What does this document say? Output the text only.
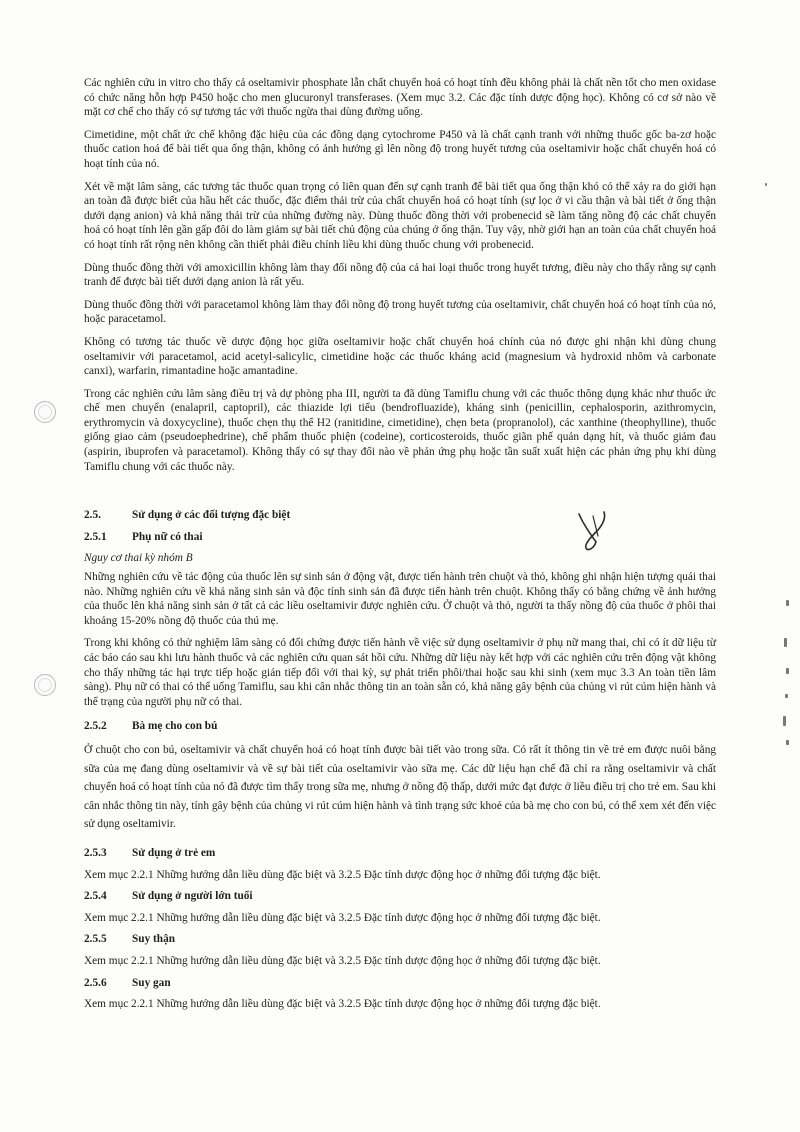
Các nghiên cứu in vitro cho thấy cả oseltamivir phosphate lẫn chất chuyển hoá có hoạt tính đều không phải là chất nền tốt cho men oxidase có chức năng hỗn hợp P450 hoặc cho men glucuronyl transferases. (Xem mục 3.2. Các đặc tính dược động học). Không có cơ sở nào về mặt cơ chế cho thấy có sự tương tác với thuốc ngừa thai dùng đường uống.

Cimetidine, một chất ức chế không đặc hiệu của các đồng dạng cytochrome P450 và là chất cạnh tranh với những thuốc gốc ba-zơ hoặc thuốc cation hoá để bài tiết qua ống thận, không có ảnh hưởng gì lên nồng độ trong huyết tương của oseltamivir hoặc chất chuyển hoá có hoạt tính của nó.

Xét về mặt lâm sàng, các tương tác thuốc quan trọng có liên quan đến sự cạnh tranh để bài tiết qua ống thận khó có thể xảy ra do giới hạn an toàn đã được biết của hầu hết các thuốc, đặc điểm thải trừ của chất chuyển hoá có hoạt tính (sự lọc ở vi cầu thận và bài tiết ở ống thận dưới dạng anion) và khả năng thải trừ của những đường này. Dùng thuốc đồng thời với probenecid sẽ làm tăng nồng độ các chất chuyển hoá có hoạt tính lên gần gấp đôi do làm giảm sự bài tiết chủ động của chúng ở ống thận. Tuy vậy, nhờ giới hạn an toàn của chất chuyển hoá có hoạt tính rất rộng nên không cần thiết phải điều chỉnh liều khi dùng thuốc chung với probenecid.

Dùng thuốc đồng thời với amoxicillin không làm thay đổi nồng độ của cả hai loại thuốc trong huyết tương, điều này cho thấy rằng sự cạnh tranh để được bài tiết dưới dạng anion là rất yếu.

Dùng thuốc đồng thời với paracetamol không làm thay đổi nồng độ trong huyết tương của oseltamivir, chất chuyển hoá có hoạt tính của nó, hoặc paracetamol.

Không có tương tác thuốc về dược động học giữa oseltamivir hoặc chất chuyển hoá chính của nó được ghi nhận khi dùng chung oseltamivir với paracetamol, acid acetyl-salicylic, cimetidine hoặc các thuốc kháng acid (magnesium và hydroxid nhôm và carbonate canxi), warfarin, rimantadine hoặc amantadine.

Trong các nghiên cứu lâm sàng điều trị và dự phòng pha III, người ta đã dùng Tamiflu chung với các thuốc thông dụng khác như thuốc ức chế men chuyển (enalapril, captopril), các thiazide lợi tiểu (bendrofluazide), kháng sinh (penicillin, cephalosporin, azithromycin, erythromycin và doxycycline), thuốc chẹn thụ thể H2 (ranitidine, cimetidine), chẹn beta (propranolol), các xanthine (theophylline), thuốc giống giao cảm (pseudoephedrine), chế phẩm thuốc phiện (codeine), corticosteroids, thuốc giãn phế quản dạng hít, và thuốc giảm đau (aspirin, ibuprofen và paracetamol). Không thấy có sự thay đổi nào về phản ứng phụ hoặc tần suất xuất hiện các phản ứng phụ khi dùng Tamiflu chung với các thuốc này.

2.5.	Sử dụng ở các đối tượng đặc biệt
2.5.1	Phụ nữ có thai
Nguy cơ thai kỳ nhóm B

Những nghiên cứu về tác động của thuốc lên sự sinh sản ở động vật, được tiến hành trên chuột và thỏ, không ghi nhận hiện tượng quái thai nào. Những nghiên cứu về khả năng sinh sản và độc tính sinh sản đã được tiến hành trên chuột. Không thấy có bằng chứng về ảnh hưởng của thuốc lên khả năng sinh sản ở tất cả các liều oseltamivir được nghiên cứu. Ở chuột và thỏ, người ta thấy nồng độ của thuốc ở phôi thai khoảng 15-20% nồng độ thuốc của thú mẹ.

Trong khi không có thử nghiệm lâm sàng có đối chứng được tiến hành về việc sử dụng oseltamivir ở phụ nữ mang thai, chỉ có ít dữ liệu từ các báo cáo sau khi lưu hành thuốc và các nghiên cứu quan sát hồi cứu. Những dữ liệu này kết hợp với các nghiên cứu trên động vật không cho thấy những tác hại trực tiếp hoặc gián tiếp đối với thai kỳ, sự phát triển phôi/thai hoặc sau khi sinh (xem mục 3.3 An toàn tiền lâm sàng). Phụ nữ có thai có thể uống Tamiflu, sau khi cân nhắc thông tin an toàn sẵn có, khả năng gây bệnh của chủng vi rút cúm hiện hành và thể trạng của người phụ nữ có thai.

2.5.2	Bà mẹ cho con bú

Ở chuột cho con bú, oseltamivir và chất chuyển hoá có hoạt tính được bài tiết vào trong sữa. Có rất ít thông tin về trẻ em được nuôi bằng sữa của mẹ đang dùng oseltamivir và về sự bài tiết của oseltamivir vào sữa mẹ. Các dữ liệu hạn chế đã chỉ ra rằng oseltamivir và chất chuyển hoá có hoạt tính của nó đã được tìm thấy trong sữa mẹ, nhưng ở nồng độ thấp, dưới mức đạt được ở liều điều trị cho trẻ em. Sau khi cân nhắc thông tin này, tính gây bệnh của chủng vi rút cúm hiện hành và tình trạng sức khoẻ của bà mẹ cho con bú, có thể xem xét đến việc sử dụng oseltamivir.

2.5.3	Sử dụng ở trẻ em

Xem mục 2.2.1 Những hướng dẫn liều dùng đặc biệt và 3.2.5 Đặc tính dược động học ở những đối tượng đặc biệt.

2.5.4	Sử dụng ở người lớn tuổi

Xem mục 2.2.1 Những hướng dẫn liều dùng đặc biệt và 3.2.5 Đặc tính dược động học ở những đối tượng đặc biệt.

2.5.5	Suy thận

Xem mục 2.2.1 Những hướng dẫn liều dùng đặc biệt và 3.2.5 Đặc tính dược động học ở những đối tượng đặc biệt.

2.5.6	Suy gan

Xem mục 2.2.1 Những hướng dẫn liều dùng đặc biệt và 3.2.5 Đặc tính dược động học ở những đối tượng đặc biệt.
